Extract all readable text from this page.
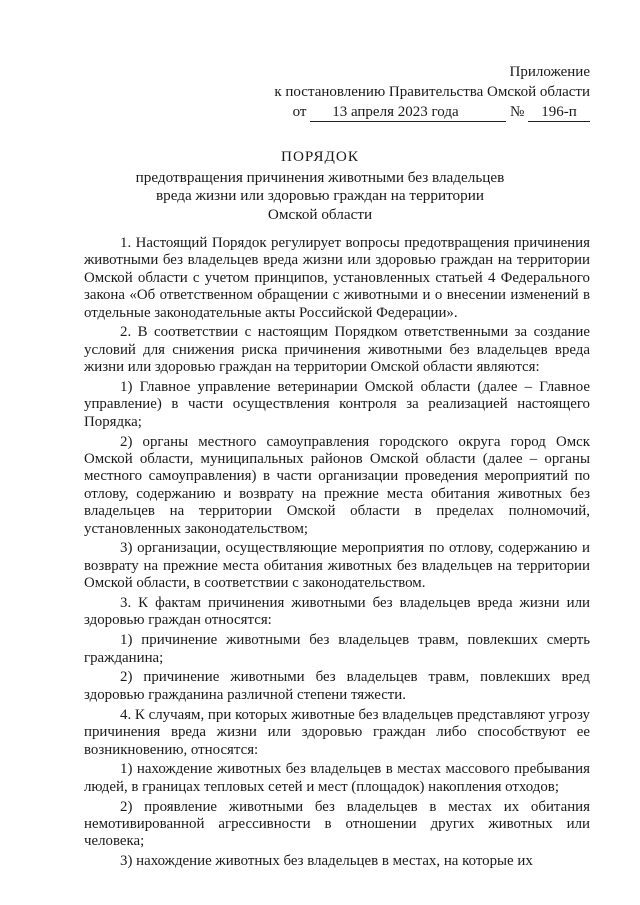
Приложение
к постановлению Правительства Омской области
от 13 апреля 2023 года	№ 196-п
ПОРЯДОК
предотвращения причинения животными без владельцев
вреда жизни или здоровью граждан на территории
Омской области

1. Настоящий Порядок регулирует вопросы предотвращения причинения животными без владельцев вреда жизни или здоровью граждан на территории Омской области с учетом принципов, установленных статьей 4 Федерального закона «Об ответственном обращении с животными и о внесении изменений в отдельные законодательные акты Российской Федерации».

2. В соответствии с настоящим Порядком ответственными за создание условий для снижения риска причинения животными без владельцев вреда жизни или здоровью граждан на территории Омской области являются:

1) Главное управление ветеринарии Омской области (далее – Главное управление) в части осуществления контроля за реализацией настоящего Порядка;

2) органы местного самоуправления городского округа город Омск Омской области, муниципальных районов Омской области (далее – органы местного самоуправления) в части организации проведения мероприятий по отлову, содержанию и возврату на прежние места обитания животных без владельцев на территории Омской области в пределах полномочий, установленных законодательством;

3) организации, осуществляющие мероприятия по отлову, содержанию и возврату на прежние места обитания животных без владельцев на территории Омской области, в соответствии с законодательством.

3. К фактам причинения животными без владельцев вреда жизни или здоровью граждан относятся:

1) причинение животными без владельцев травм, повлекших смерть гражданина;

2) причинение животными без владельцев травм, повлекших вред здоровью гражданина различной степени тяжести.

4. К случаям, при которых животные без владельцев представляют угрозу причинения вреда жизни или здоровью граждан либо способствуют ее возникновению, относятся:

1) нахождение животных без владельцев в местах массового пребывания людей, в границах тепловых сетей и мест (площадок) накопления отходов;

2) проявление животными без владельцев в местах их обитания немотивированной агрессивности в отношении других животных или человека;

3) нахождение животных без владельцев в местах, на которые их
